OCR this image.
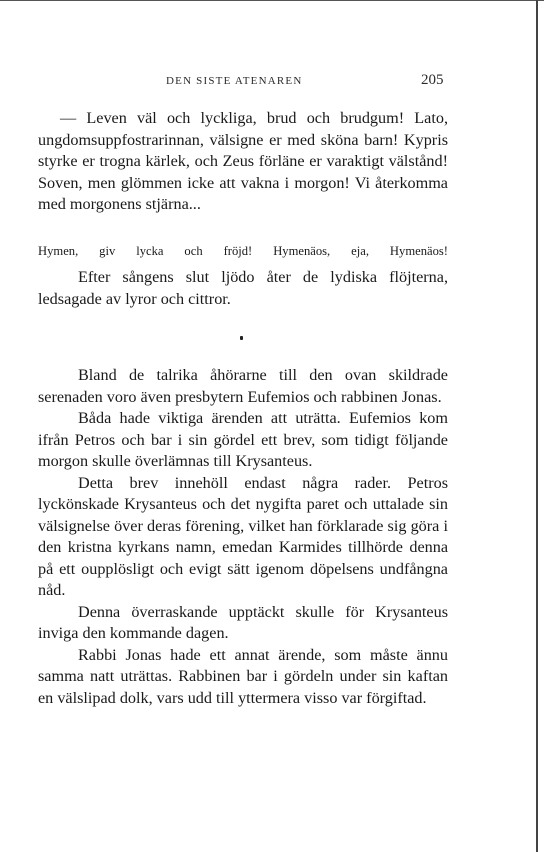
DEN SISTE ATENAREN	205

— Leven väl och lyckliga, brud och brudgum! Lato, ungdomsuppfostrarinnan, välsigne er med sköna barn! Kypris styrke er trogna kärlek, och Zeus förläne er varaktigt välstånd! Soven, men glömmen icke att vakna i morgon! Vi återkomma med morgonens stjärna...

Hymen, giv lycka och fröjd! Hymenäos, eja, Hymenäos!

Efter sångens slut ljödo åter de lydiska flöjterna, ledsagade av lyror och cittror.

Bland de talrika åhörarne till den ovan skildrade serenaden voro även presbytern Eufemios och rabbinen Jonas.

Båda hade viktiga ärenden att uträtta. Eufemios kom ifrån Petros och bar i sin gördel ett brev, som tidigt följande morgon skulle överlämnas till Krysanteus.

Detta brev innehöll endast några rader. Petros lyckönskade Krysanteus och det nygifta paret och uttalade sin välsignelse över deras förening, vilket han förklarade sig göra i den kristna kyrkans namn, emedan Karmides tillhörde denna på ett oupplösligt och evigt sätt igenom döpelsens undfångna nåd.

Denna överraskande upptäckt skulle för Krysanteus inviga den kommande dagen.

Rabbi Jonas hade ett annat ärende, som måste ännu samma natt uträttas. Rabbinen bar i gördeln under sin kaftan en välslipad dolk, vars udd till yttermera visso var förgiftad.
